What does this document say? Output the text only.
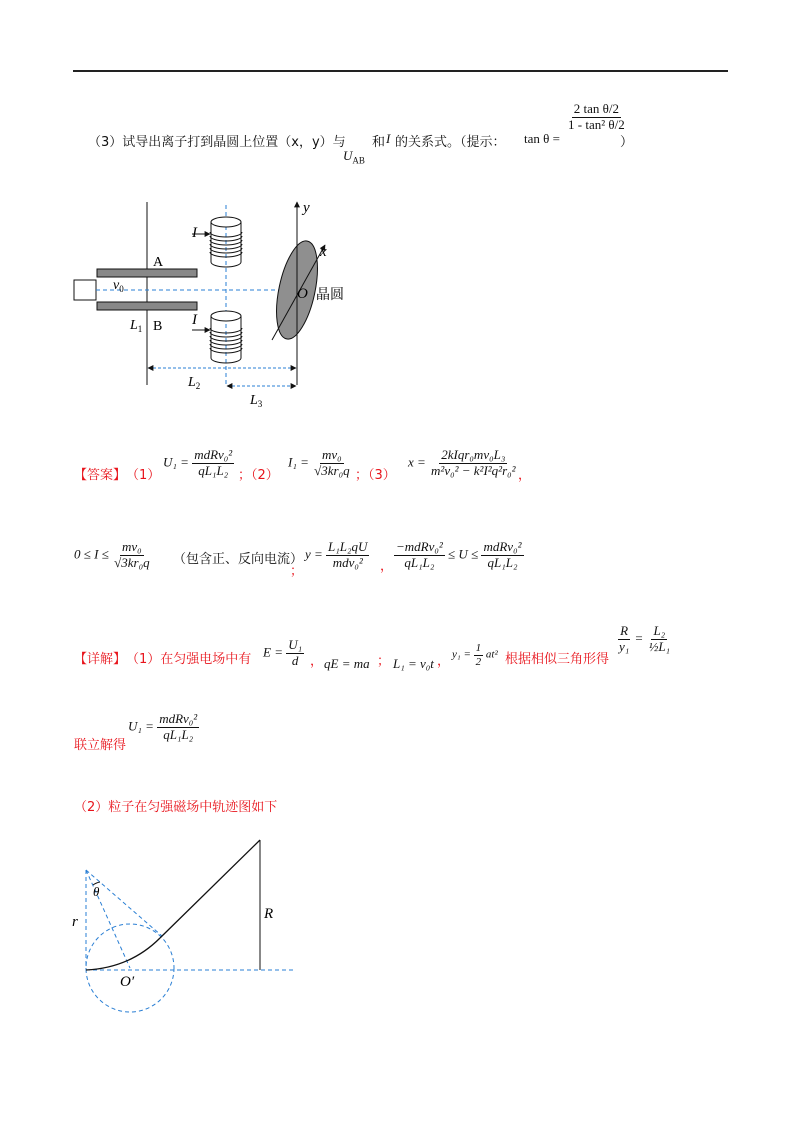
（3）试导出离子打到晶圆上位置（x，y）与
$U_{AB}$
和 I 的关系式。（提示： tan θ =
$\frac{\text{2 tan θ/2}}{\text{1 - tan² θ/2}}$
）
y
x
A
B
O 晶圆
I
I
$v_0$
$L_1$
$L_2$
$L_3$
【答案】 （1）
$U_1 = \frac{\text{mdRv₀²}}{\text{qL₁L₂}}$ ；（2）
$I_1 = \frac{\text{mv₀}}{\text{√3kr₀q}}$ ；（3）
$x = \frac{\text{2kIqr₀mv₀L₃}}{\text{m²v₀² − k²I²q²r₀²}}$ ，
$0 \le I \le \frac{\text{mv₀}}{\text{√3kr₀q}}$ （包含正、反向电流）
；
$y = \frac{\text{L₁L₂qU}}{\text{mdv₀²}}$ ， $\frac{\text{−mdRv₀²}}{\text{qL₁L₂}} \le U \le \frac{\text{mdRv₀²}}{\text{qL₁L₂}}$
【详解】 （1）在匀强电场中有
$E = \frac{\text{U₁}}{d}$ ， qE = ma ； L₁ = v₀t ， $y_1 = \frac{1}{2} at^2$ 根据相似三角形得
$\frac{R}{\text{y₁}} = \frac{\text{L₂}}{\text{½L₁}}$
联立解得
$U_1 = \frac{\text{mdRv₀²}}{\text{qL₁L₂}}$
（2）粒子在匀强磁场中轨迹图如下
θ
r	R
O′
